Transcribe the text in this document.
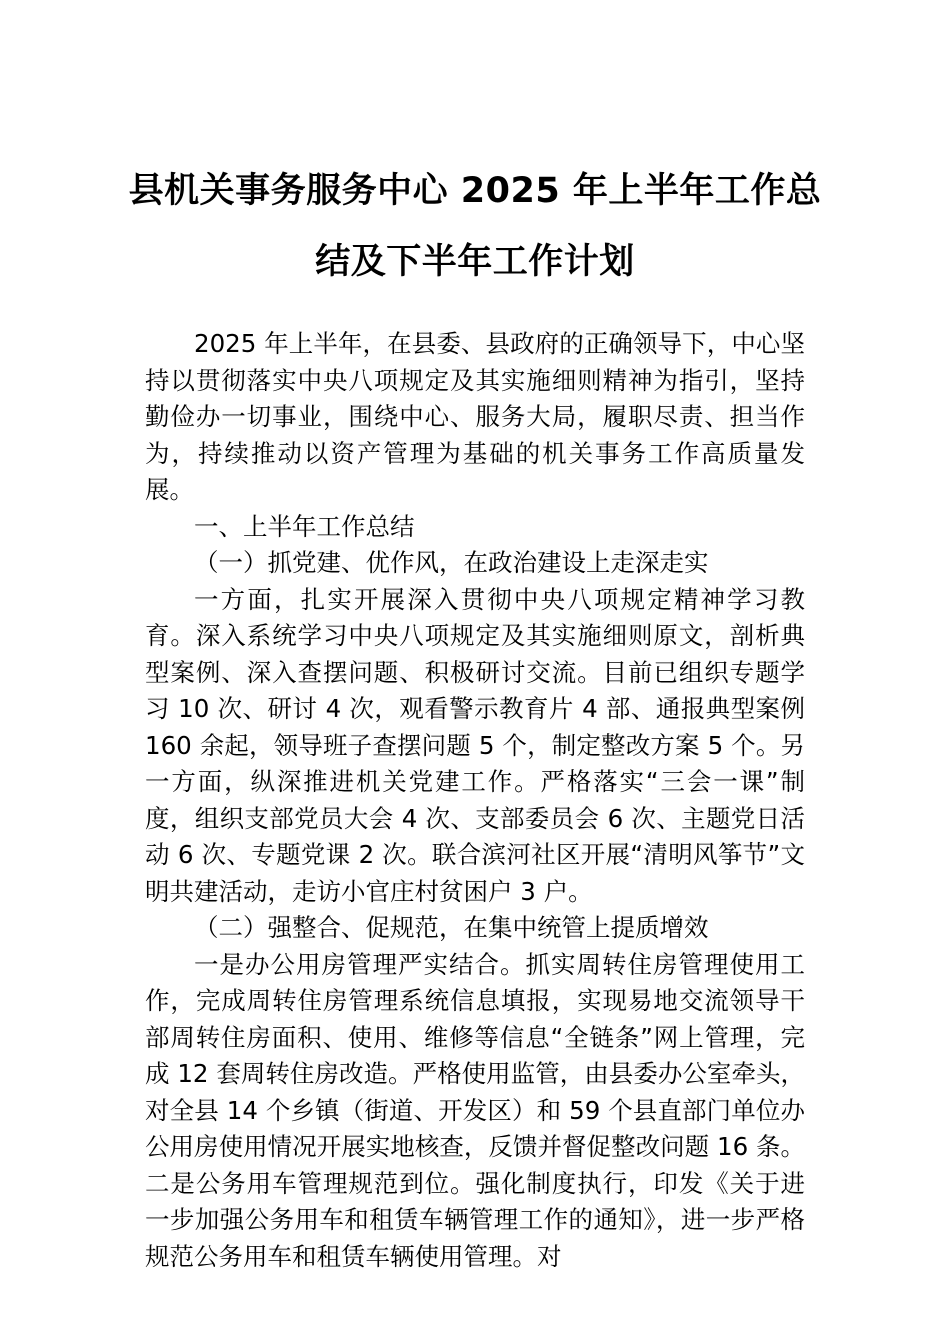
县机关事务服务中心 2025 年上半年工作总
结及下半年工作计划

2025 年上半年，在县委、县政府的正确领导下，中心坚持以贯彻落实中央八项规定及其实施细则精神为指引，坚持勤俭办一切事业，围绕中心、服务大局，履职尽责、担当作为，持续推动以资产管理为基础的机关事务工作高质量发展。

一、上半年工作总结

（一）抓党建、优作风，在政治建设上走深走实

一方面，扎实开展深入贯彻中央八项规定精神学习教育。深入系统学习中央八项规定及其实施细则原文，剖析典型案例、深入查摆问题、积极研讨交流。目前已组织专题学习 10 次、研讨 4 次，观看警示教育片 4 部、通报典型案例 160 余起，领导班子查摆问题 5 个，制定整改方案 5 个。另一方面，纵深推进机关党建工作。严格落实“三会一课”制度，组织支部党员大会 4 次、支部委员会 6 次、主题党日活动 6 次、专题党课 2 次。联合滨河社区开展“清明风筝节”文明共建活动，走访小官庄村贫困户 3 户。

（二）强整合、促规范，在集中统管上提质增效

一是办公用房管理严实结合。抓实周转住房管理使用工作，完成周转住房管理系统信息填报，实现易地交流领导干部周转住房面积、使用、维修等信息“全链条”网上管理，完成 12 套周转住房改造。严格使用监管，由县委办公室牵头，对全县 14 个乡镇（街道、开发区）和 59 个县直部门单位办公用房使用情况开展实地核查，反馈并督促整改问题 16 条。二是公务用车管理规范到位。强化制度执行，印发《关于进一步加强公务用车和租赁车辆管理工作的通知》，进一步严格规范公务用车和租赁车辆使用管理。对
